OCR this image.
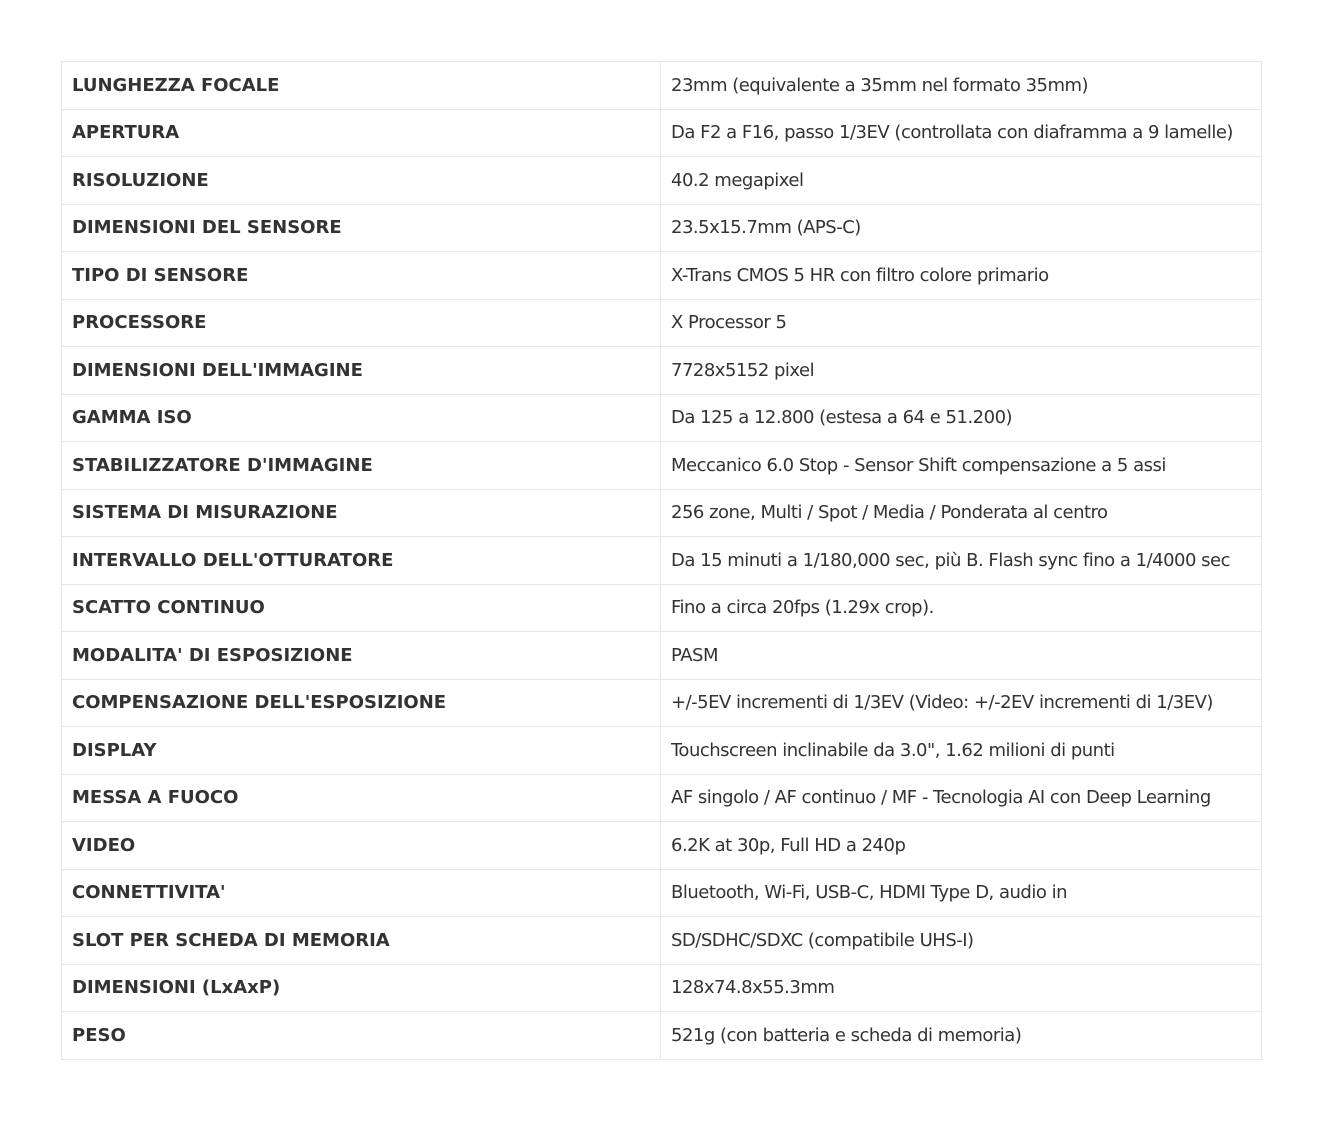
LUNGHEZZA FOCALE	23mm (equivalente a 35mm nel formato 35mm)
APERTURA	Da F2 a F16, passo 1/3EV (controllata con diaframma a 9 lamelle)
RISOLUZIONE	40.2 megapixel
DIMENSIONI DEL SENSORE	23.5x15.7mm (APS-C)
TIPO DI SENSORE	X-Trans CMOS 5 HR con filtro colore primario
PROCESSORE	X Processor 5
DIMENSIONI DELL'IMMAGINE	7728x5152 pixel
GAMMA ISO	Da 125 a 12.800 (estesa a 64 e 51.200)
STABILIZZATORE D'IMMAGINE	Meccanico 6.0 Stop - Sensor Shift compensazione a 5 assi
SISTEMA DI MISURAZIONE	256 zone, Multi / Spot / Media / Ponderata al centro
INTERVALLO DELL'OTTURATORE	Da 15 minuti a 1/180,000 sec, più B. Flash sync fino a 1/4000 sec
SCATTO CONTINUO	Fino a circa 20fps (1.29x crop).
MODALITA' DI ESPOSIZIONE	PASM
COMPENSAZIONE DELL'ESPOSIZIONE	+/-5EV incrementi di 1/3EV (Video: +/-2EV incrementi di 1/3EV)
DISPLAY	Touchscreen inclinabile da 3.0", 1.62 milioni di punti
MESSA A FUOCO	AF singolo / AF continuo / MF - Tecnologia AI con Deep Learning
VIDEO	6.2K at 30p, Full HD a 240p
CONNETTIVITA'	Bluetooth, Wi-Fi, USB-C, HDMI Type D, audio in
SLOT PER SCHEDA DI MEMORIA	SD/SDHC/SDXC (compatibile UHS-I)
DIMENSIONI (LxAxP)	128x74.8x55.3mm
PESO	521g (con batteria e scheda di memoria)
